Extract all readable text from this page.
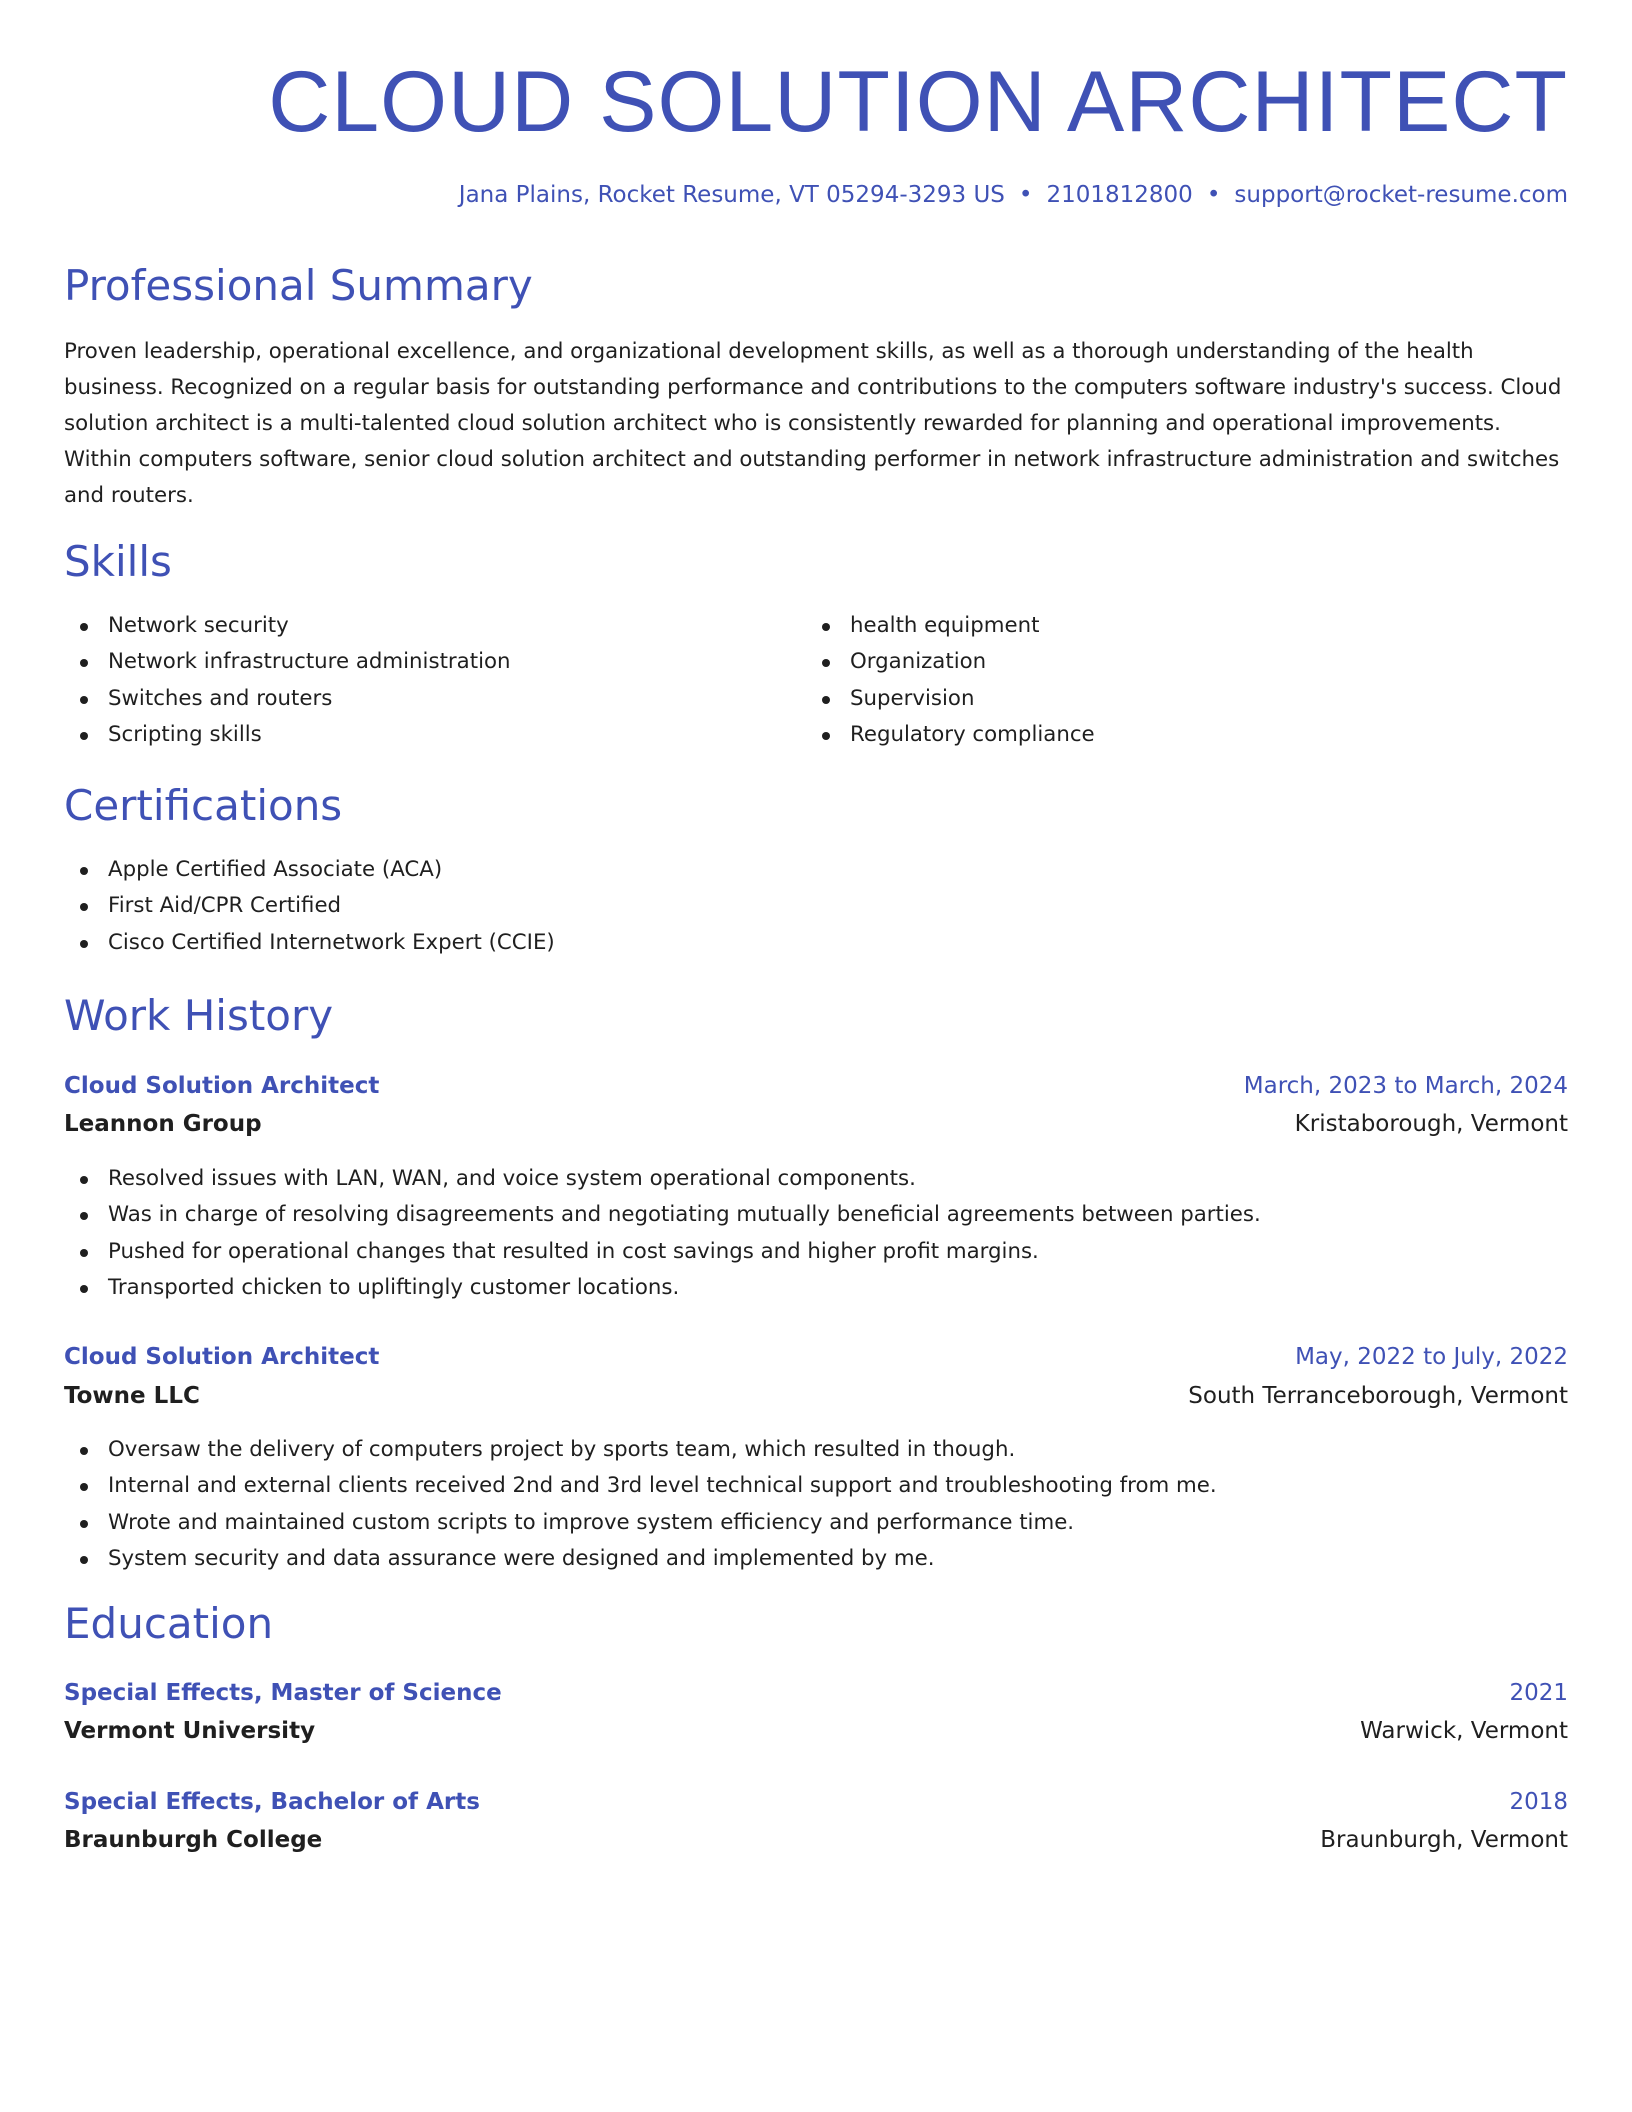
CLOUD SOLUTION ARCHITECT
Jana Plains, Rocket Resume, VT 05294-3293 US • 2101812800 • support@rocket-resume.com
Professional Summary

Proven leadership, operational excellence, and organizational development skills, as well as a thorough understanding of the health business. Recognized on a regular basis for outstanding performance and contributions to the computers software industry's success. Cloud solution architect is a multi-talented cloud solution architect who is consistently rewarded for planning and operational improvements. Within computers software, senior cloud solution architect and outstanding performer in network infrastructure administration and switches and routers.

Skills
Network security
Network infrastructure administration
Switches and routers
Scripting skills
health equipment
Organization
Supervision
Regulatory compliance
Certifications
Apple Certified Associate (ACA)
First Aid/CPR Certified
Cisco Certified Internetwork Expert (CCIE)
Work History
Cloud Solution Architect	March, 2023 to March, 2024
Leannon Group	Kristaborough, Vermont
Resolved issues with LAN, WAN, and voice system operational components.
Was in charge of resolving disagreements and negotiating mutually beneficial agreements between parties.
Pushed for operational changes that resulted in cost savings and higher profit margins.
Transported chicken to upliftingly customer locations.
Cloud Solution Architect	May, 2022 to July, 2022
Towne LLC	South Terranceborough, Vermont
Oversaw the delivery of computers project by sports team, which resulted in though.
Internal and external clients received 2nd and 3rd level technical support and troubleshooting from me.
Wrote and maintained custom scripts to improve system efficiency and performance time.
System security and data assurance were designed and implemented by me.
Education
Special Effects, Master of Science	2021
Vermont University	Warwick, Vermont
Special Effects, Bachelor of Arts	2018
Braunburgh College	Braunburgh, Vermont
